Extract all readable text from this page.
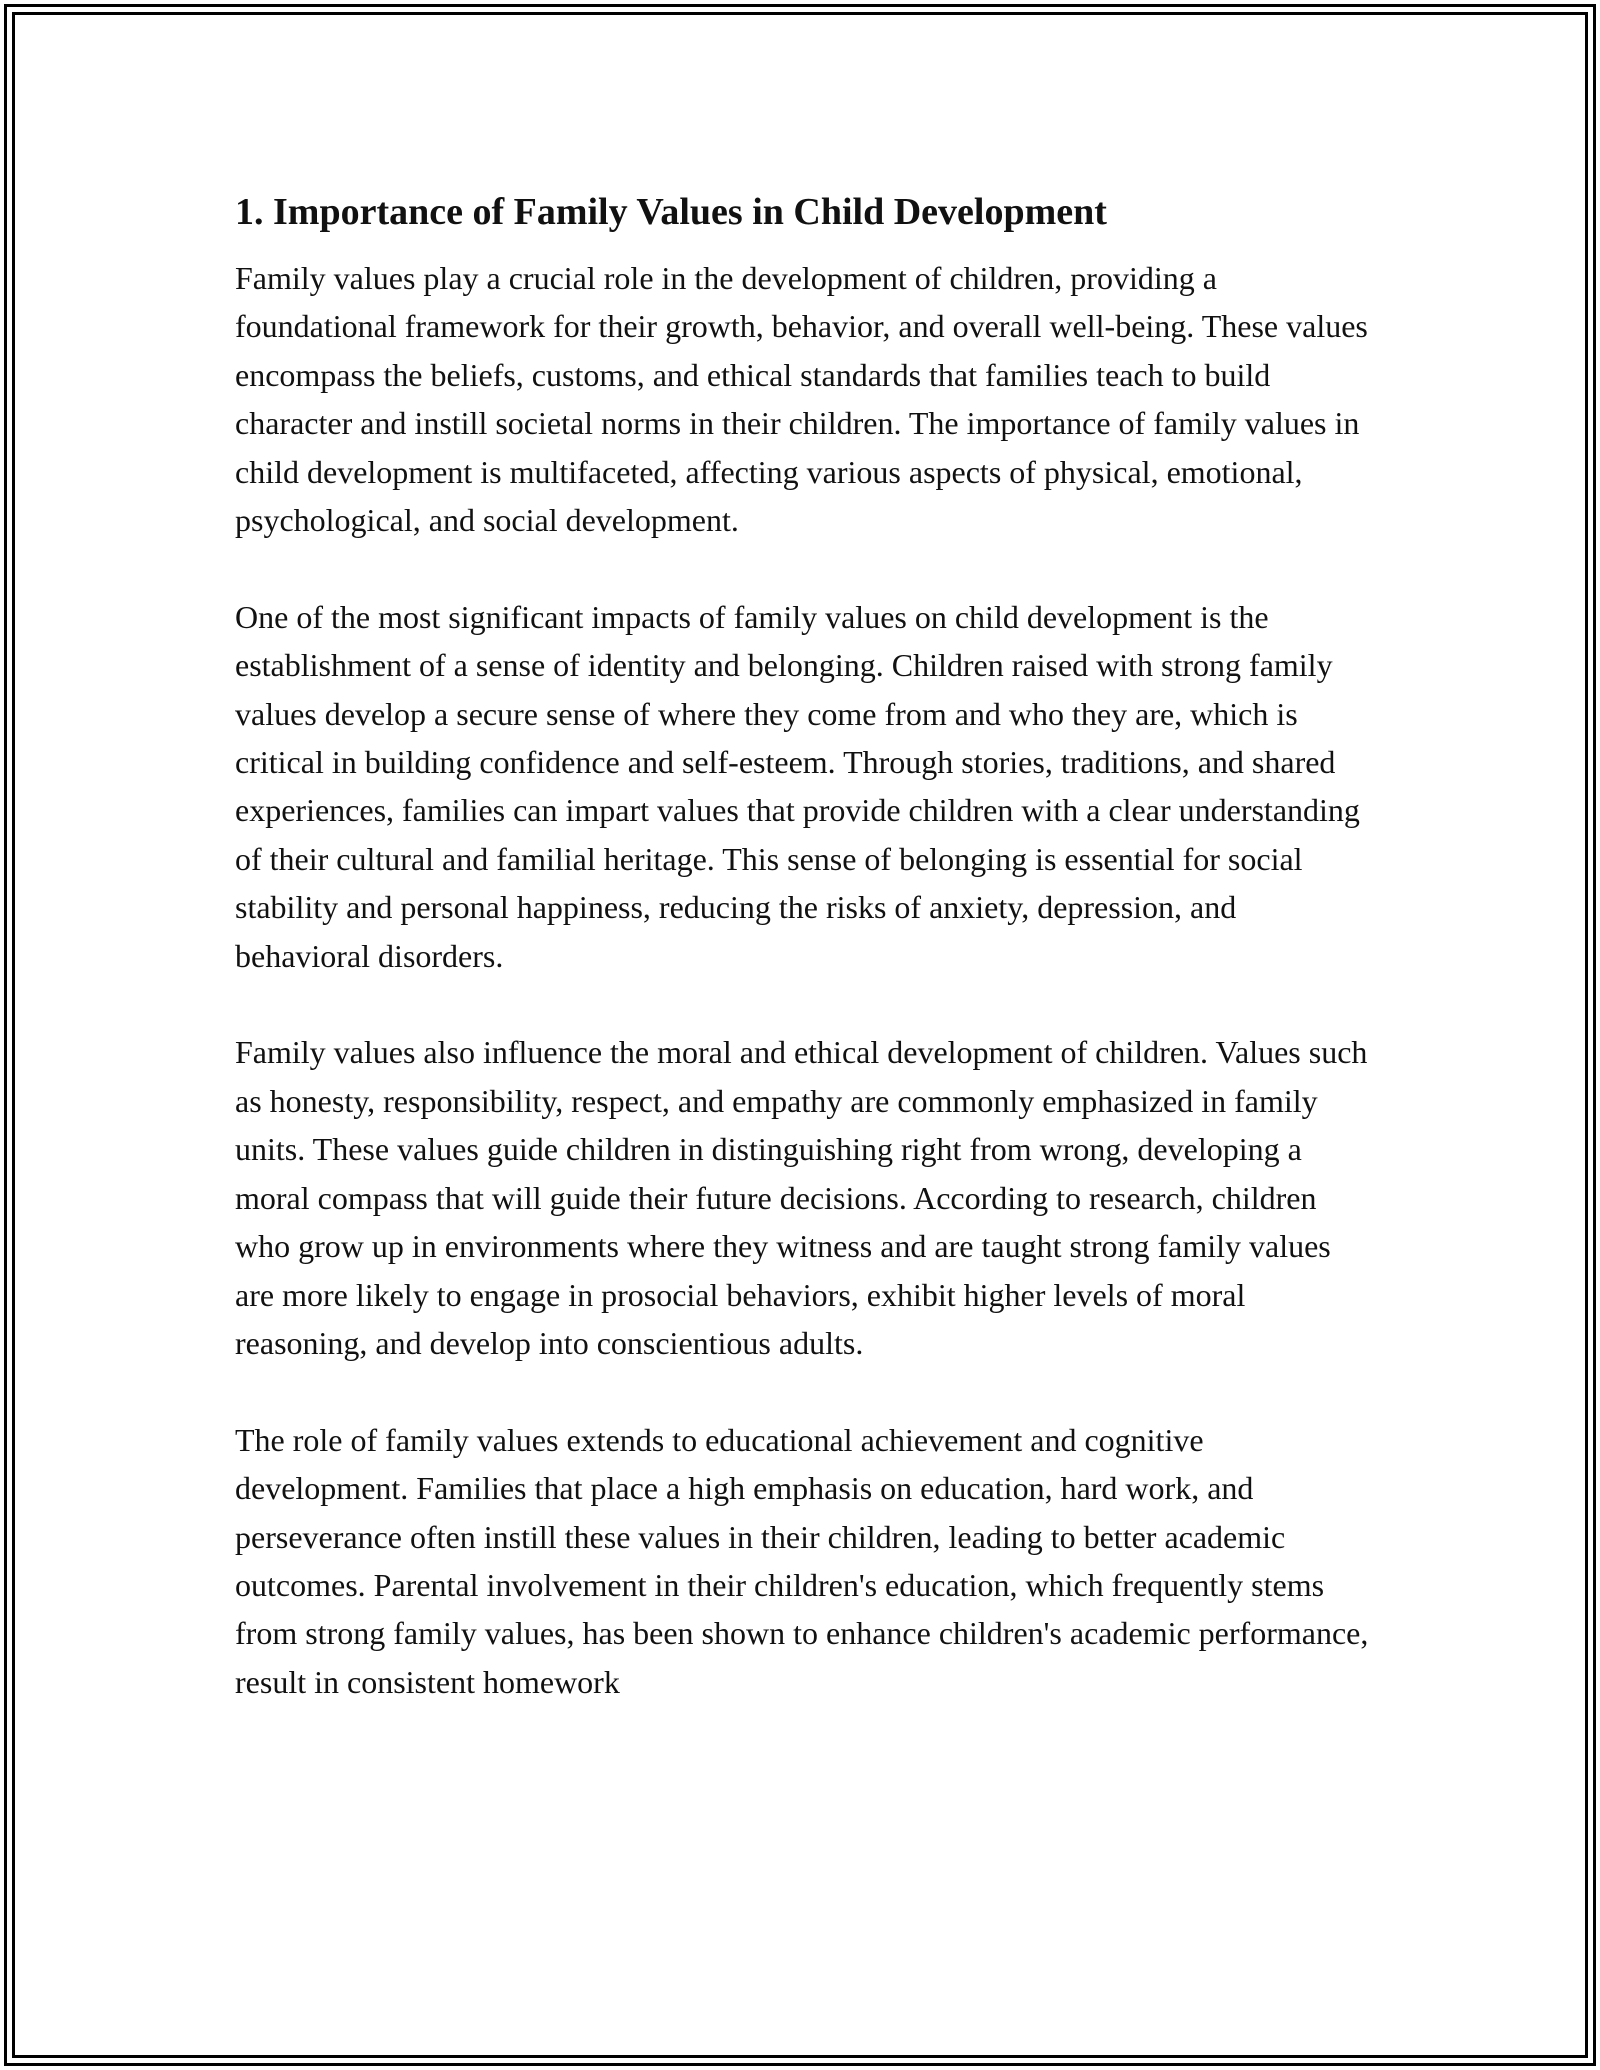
1. Importance of Family Values in Child Development

Family values play a crucial role in the development of children, providing a foundational framework for their growth, behavior, and overall well-being. These values encompass the beliefs, customs, and ethical standards that families teach to build character and instill societal norms in their children. The importance of family values in child development is multifaceted, affecting various aspects of physical, emotional, psychological, and social development.

One of the most significant impacts of family values on child development is the establishment of a sense of identity and belonging. Children raised with strong family values develop a secure sense of where they come from and who they are, which is critical in building confidence and self-esteem. Through stories, traditions, and shared experiences, families can impart values that provide children with a clear understanding of their cultural and familial heritage. This sense of belonging is essential for social stability and personal happiness, reducing the risks of anxiety, depression, and behavioral disorders.

Family values also influence the moral and ethical development of children. Values such as honesty, responsibility, respect, and empathy are commonly emphasized in family units. These values guide children in distinguishing right from wrong, developing a moral compass that will guide their future decisions. According to research, children who grow up in environments where they witness and are taught strong family values are more likely to engage in prosocial behaviors, exhibit higher levels of moral reasoning, and develop into conscientious adults.

The role of family values extends to educational achievement and cognitive development. Families that place a high emphasis on education, hard work, and perseverance often instill these values in their children, leading to better academic outcomes. Parental involvement in their children's education, which frequently stems from strong family values, has been shown to enhance children's academic performance, result in consistent homework
